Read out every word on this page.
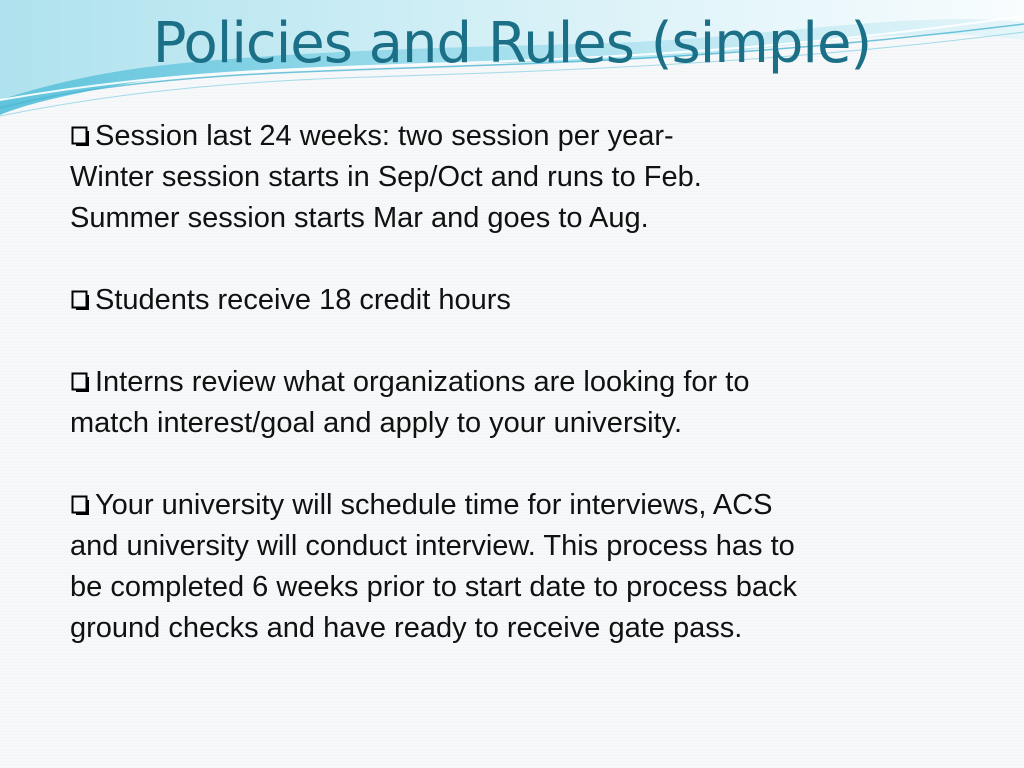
Policies and Rules (simple)

Session last 24 weeks: two session per year-
Winter session starts in Sep/Oct and runs to Feb.
Summer session starts Mar and goes to Aug.

Students receive 18 credit hours

Interns review what organizations are looking for to
match interest/goal and apply to your university.

Your university will schedule time for interviews, ACS
and university will conduct interview. This process has to
be completed 6 weeks prior to start date to process back
ground checks and have ready to receive gate pass.
